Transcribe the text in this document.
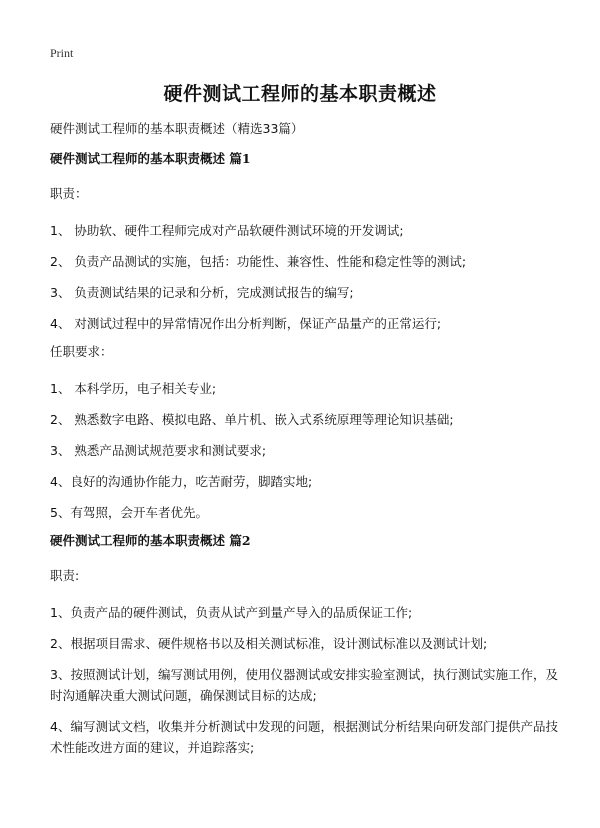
Print
硬件测试工程师的基本职责概述
硬件测试工程师的基本职责概述（精选33篇）
硬件测试工程师的基本职责概述 篇1
职责：
1、 协助软、硬件工程师完成对产品软硬件测试环境的开发调试;
2、 负责产品测试的实施，包括：功能性、兼容性、性能和稳定性等的测试;
3、 负责测试结果的记录和分析，完成测试报告的编写;
4、 对测试过程中的异常情况作出分析判断，保证产品量产的正常运行;
任职要求：
1、 本科学历，电子相关专业;
2、 熟悉数字电路、模拟电路、单片机、嵌入式系统原理等理论知识基础;
3、 熟悉产品测试规范要求和测试要求;
4、良好的沟通协作能力，吃苦耐劳，脚踏实地;
5、有驾照，会开车者优先。
硬件测试工程师的基本职责概述 篇2
职责:
1、负责产品的硬件测试，负责从试产到量产导入的品质保证工作;
2、根据项目需求、硬件规格书以及相关测试标准，设计测试标准以及测试计划;
3、按照测试计划，编写测试用例，使用仪器测试或安排实验室测试，执行测试实施工作，及时沟通解决重大测试问题，确保测试目标的达成;
4、编写测试文档，收集并分析测试中发现的问题，根据测试分析结果向研发部门提供产品技术性能改进方面的建议，并追踪落实;
